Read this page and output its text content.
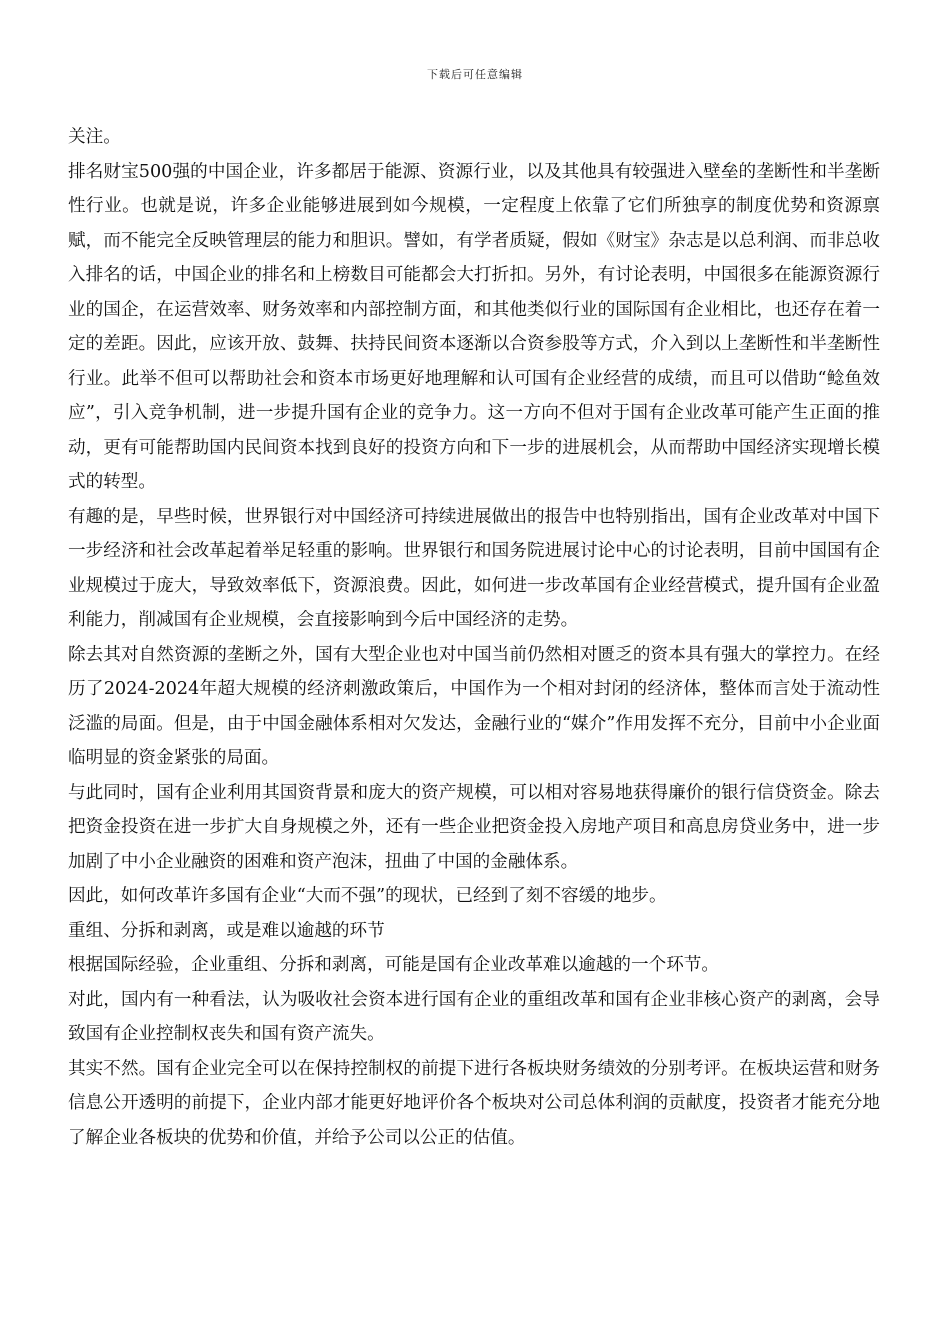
下载后可任意编辑

关注。

排名财宝500强的中国企业，许多都居于能源、资源行业，以及其他具有较强进入壁垒的垄断性和半垄断性行业。也就是说，许多企业能够进展到如今规模，一定程度上依靠了它们所独享的制度优势和资源禀赋，而不能完全反映管理层的能力和胆识。譬如，有学者质疑，假如《财宝》杂志是以总利润、而非总收入排名的话，中国企业的排名和上榜数目可能都会大打折扣。另外，有讨论表明，中国很多在能源资源行业的国企，在运营效率、财务效率和内部控制方面，和其他类似行业的国际国有企业相比，也还存在着一定的差距。因此，应该开放、鼓舞、扶持民间资本逐渐以合资参股等方式，介入到以上垄断性和半垄断性行业。此举不但可以帮助社会和资本市场更好地理解和认可国有企业经营的成绩，而且可以借助“鲶鱼效应”，引入竞争机制，进一步提升国有企业的竞争力。这一方向不但对于国有企业改革可能产生正面的推动，更有可能帮助国内民间资本找到良好的投资方向和下一步的进展机会，从而帮助中国经济实现增长模式的转型。

有趣的是，早些时候，世界银行对中国经济可持续进展做出的报告中也特别指出，国有企业改革对中国下一步经济和社会改革起着举足轻重的影响。世界银行和国务院进展讨论中心的讨论表明，目前中国国有企业规模过于庞大，导致效率低下，资源浪费。因此，如何进一步改革国有企业经营模式，提升国有企业盈利能力，削减国有企业规模，会直接影响到今后中国经济的走势。

除去其对自然资源的垄断之外，国有大型企业也对中国当前仍然相对匮乏的资本具有强大的掌控力。在经历了2024-2024年超大规模的经济刺激政策后，中国作为一个相对封闭的经济体，整体而言处于流动性泛滥的局面。但是，由于中国金融体系相对欠发达，金融行业的“媒介”作用发挥不充分，目前中小企业面临明显的资金紧张的局面。

与此同时，国有企业利用其国资背景和庞大的资产规模，可以相对容易地获得廉价的银行信贷资金。除去把资金投资在进一步扩大自身规模之外，还有一些企业把资金投入房地产项目和高息房贷业务中，进一步加剧了中小企业融资的困难和资产泡沫，扭曲了中国的金融体系。

因此，如何改革许多国有企业“大而不强”的现状，已经到了刻不容缓的地步。

重组、分拆和剥离，或是难以逾越的环节

根据国际经验，企业重组、分拆和剥离，可能是国有企业改革难以逾越的一个环节。

对此，国内有一种看法，认为吸收社会资本进行国有企业的重组改革和国有企业非核心资产的剥离，会导致国有企业控制权丧失和国有资产流失。

其实不然。国有企业完全可以在保持控制权的前提下进行各板块财务绩效的分别考评。在板块运营和财务信息公开透明的前提下，企业内部才能更好地评价各个板块对公司总体利润的贡献度，投资者才能充分地了解企业各板块的优势和价值，并给予公司以公正的估值。
